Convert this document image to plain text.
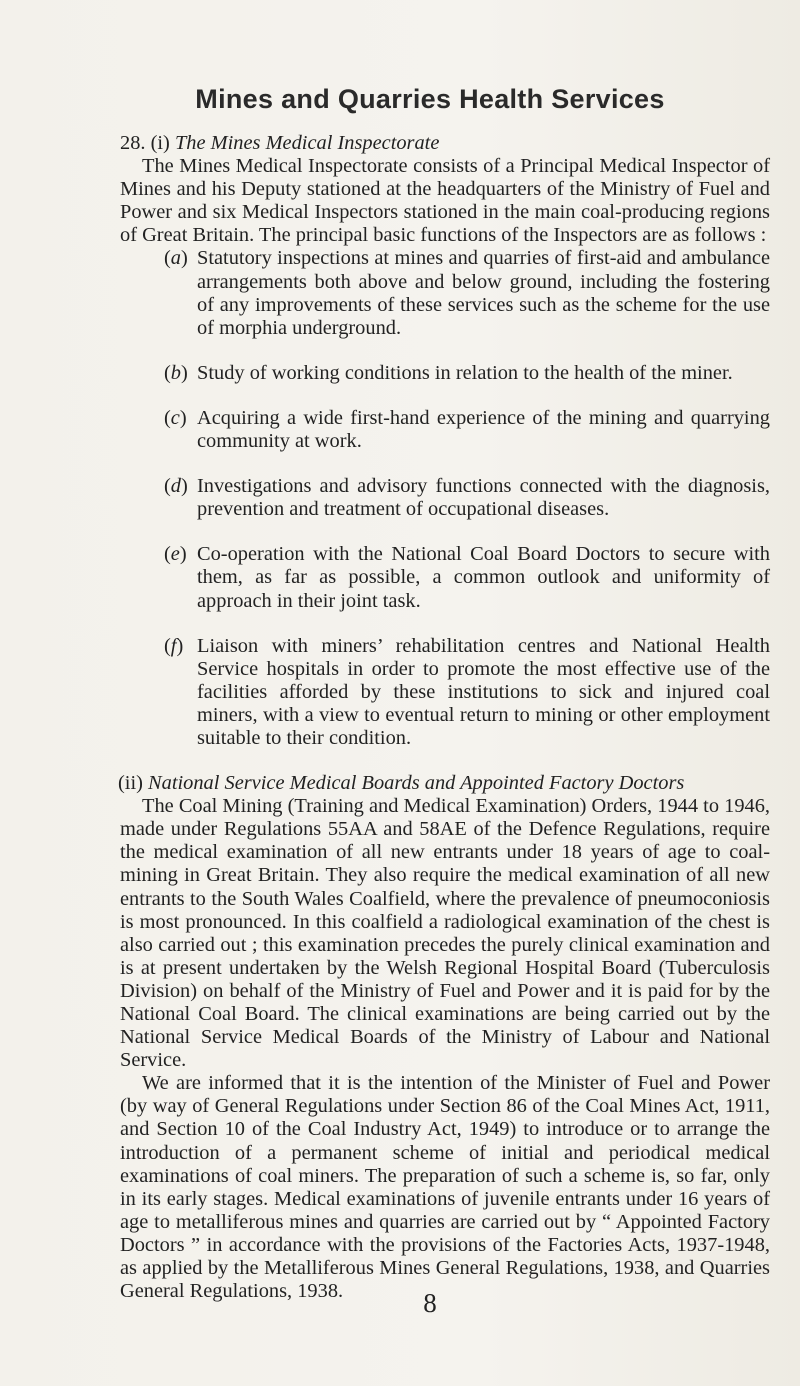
Mines and Quarries Health Services
28. (i) The Mines Medical Inspectorate

The Mines Medical Inspectorate consists of a Principal Medical Inspector of Mines and his Deputy stationed at the headquarters of the Ministry of Fuel and Power and six Medical Inspectors stationed in the main coal-producing regions of Great Britain. The principal basic functions of the Inspectors are as follows :

(a) Statutory inspections at mines and quarries of first-aid and ambulance arrangements both above and below ground, including the fostering of any improvements of these services such as the scheme for the use of morphia underground.
(b) Study of working conditions in relation to the health of the miner.
(c) Acquiring a wide first-hand experience of the mining and quarrying community at work.
(d) Investigations and advisory functions connected with the diagnosis, prevention and treatment of occupational diseases.
(e) Co-operation with the National Coal Board Doctors to secure with them, as far as possible, a common outlook and uniformity of approach in their joint task.
(f) Liaison with miners’ rehabilitation centres and National Health Service hospitals in order to promote the most effective use of the facilities afforded by these institutions to sick and injured coal miners, with a view to eventual return to mining or other employment suitable to their condition.
(ii) National Service Medical Boards and Appointed Factory Doctors

The Coal Mining (Training and Medical Examination) Orders, 1944 to 1946, made under Regulations 55AA and 58AE of the Defence Regulations, require the medical examination of all new entrants under 18 years of age to coal-mining in Great Britain. They also require the medical examination of all new entrants to the South Wales Coalfield, where the prevalence of pneumoconiosis is most pronounced. In this coalfield a radiological examination of the chest is also carried out ; this examination precedes the purely clinical examination and is at present undertaken by the Welsh Regional Hospital Board (Tuberculosis Division) on behalf of the Ministry of Fuel and Power and it is paid for by the National Coal Board. The clinical examinations are being carried out by the National Service Medical Boards of the Ministry of Labour and National Service.

We are informed that it is the intention of the Minister of Fuel and Power (by way of General Regulations under Section 86 of the Coal Mines Act, 1911, and Section 10 of the Coal Industry Act, 1949) to introduce or to arrange the introduction of a permanent scheme of initial and periodical medical examinations of coal miners. The preparation of such a scheme is, so far, only in its early stages. Medical examinations of juvenile entrants under 16 years of age to metalliferous mines and quarries are carried out by “ Appointed Factory Doctors ” in accordance with the provisions of the Factories Acts, 1937-1948, as applied by the Metalliferous Mines General Regulations, 1938, and Quarries General Regulations, 1938.	8
